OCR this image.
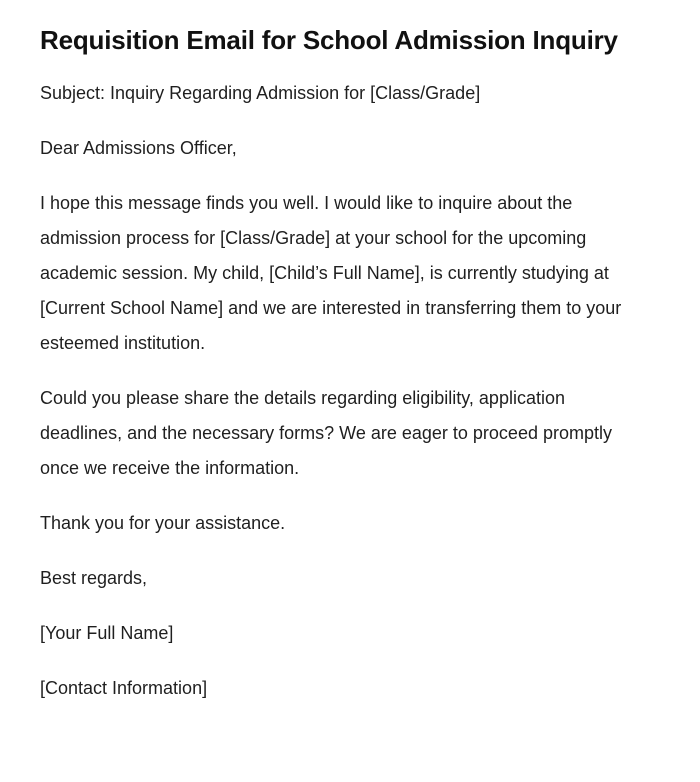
Requisition Email for School Admission Inquiry

Subject: Inquiry Regarding Admission for [Class/Grade]

Dear Admissions Officer,

I hope this message finds you well. I would like to inquire about the admission process for [Class/Grade] at your school for the upcoming academic session. My child, [Child’s Full Name], is currently studying at [Current School Name] and we are interested in transferring them to your esteemed institution.

Could you please share the details regarding eligibility, application deadlines, and the necessary forms? We are eager to proceed promptly once we receive the information.

Thank you for your assistance.

Best regards,

[Your Full Name]

[Contact Information]
